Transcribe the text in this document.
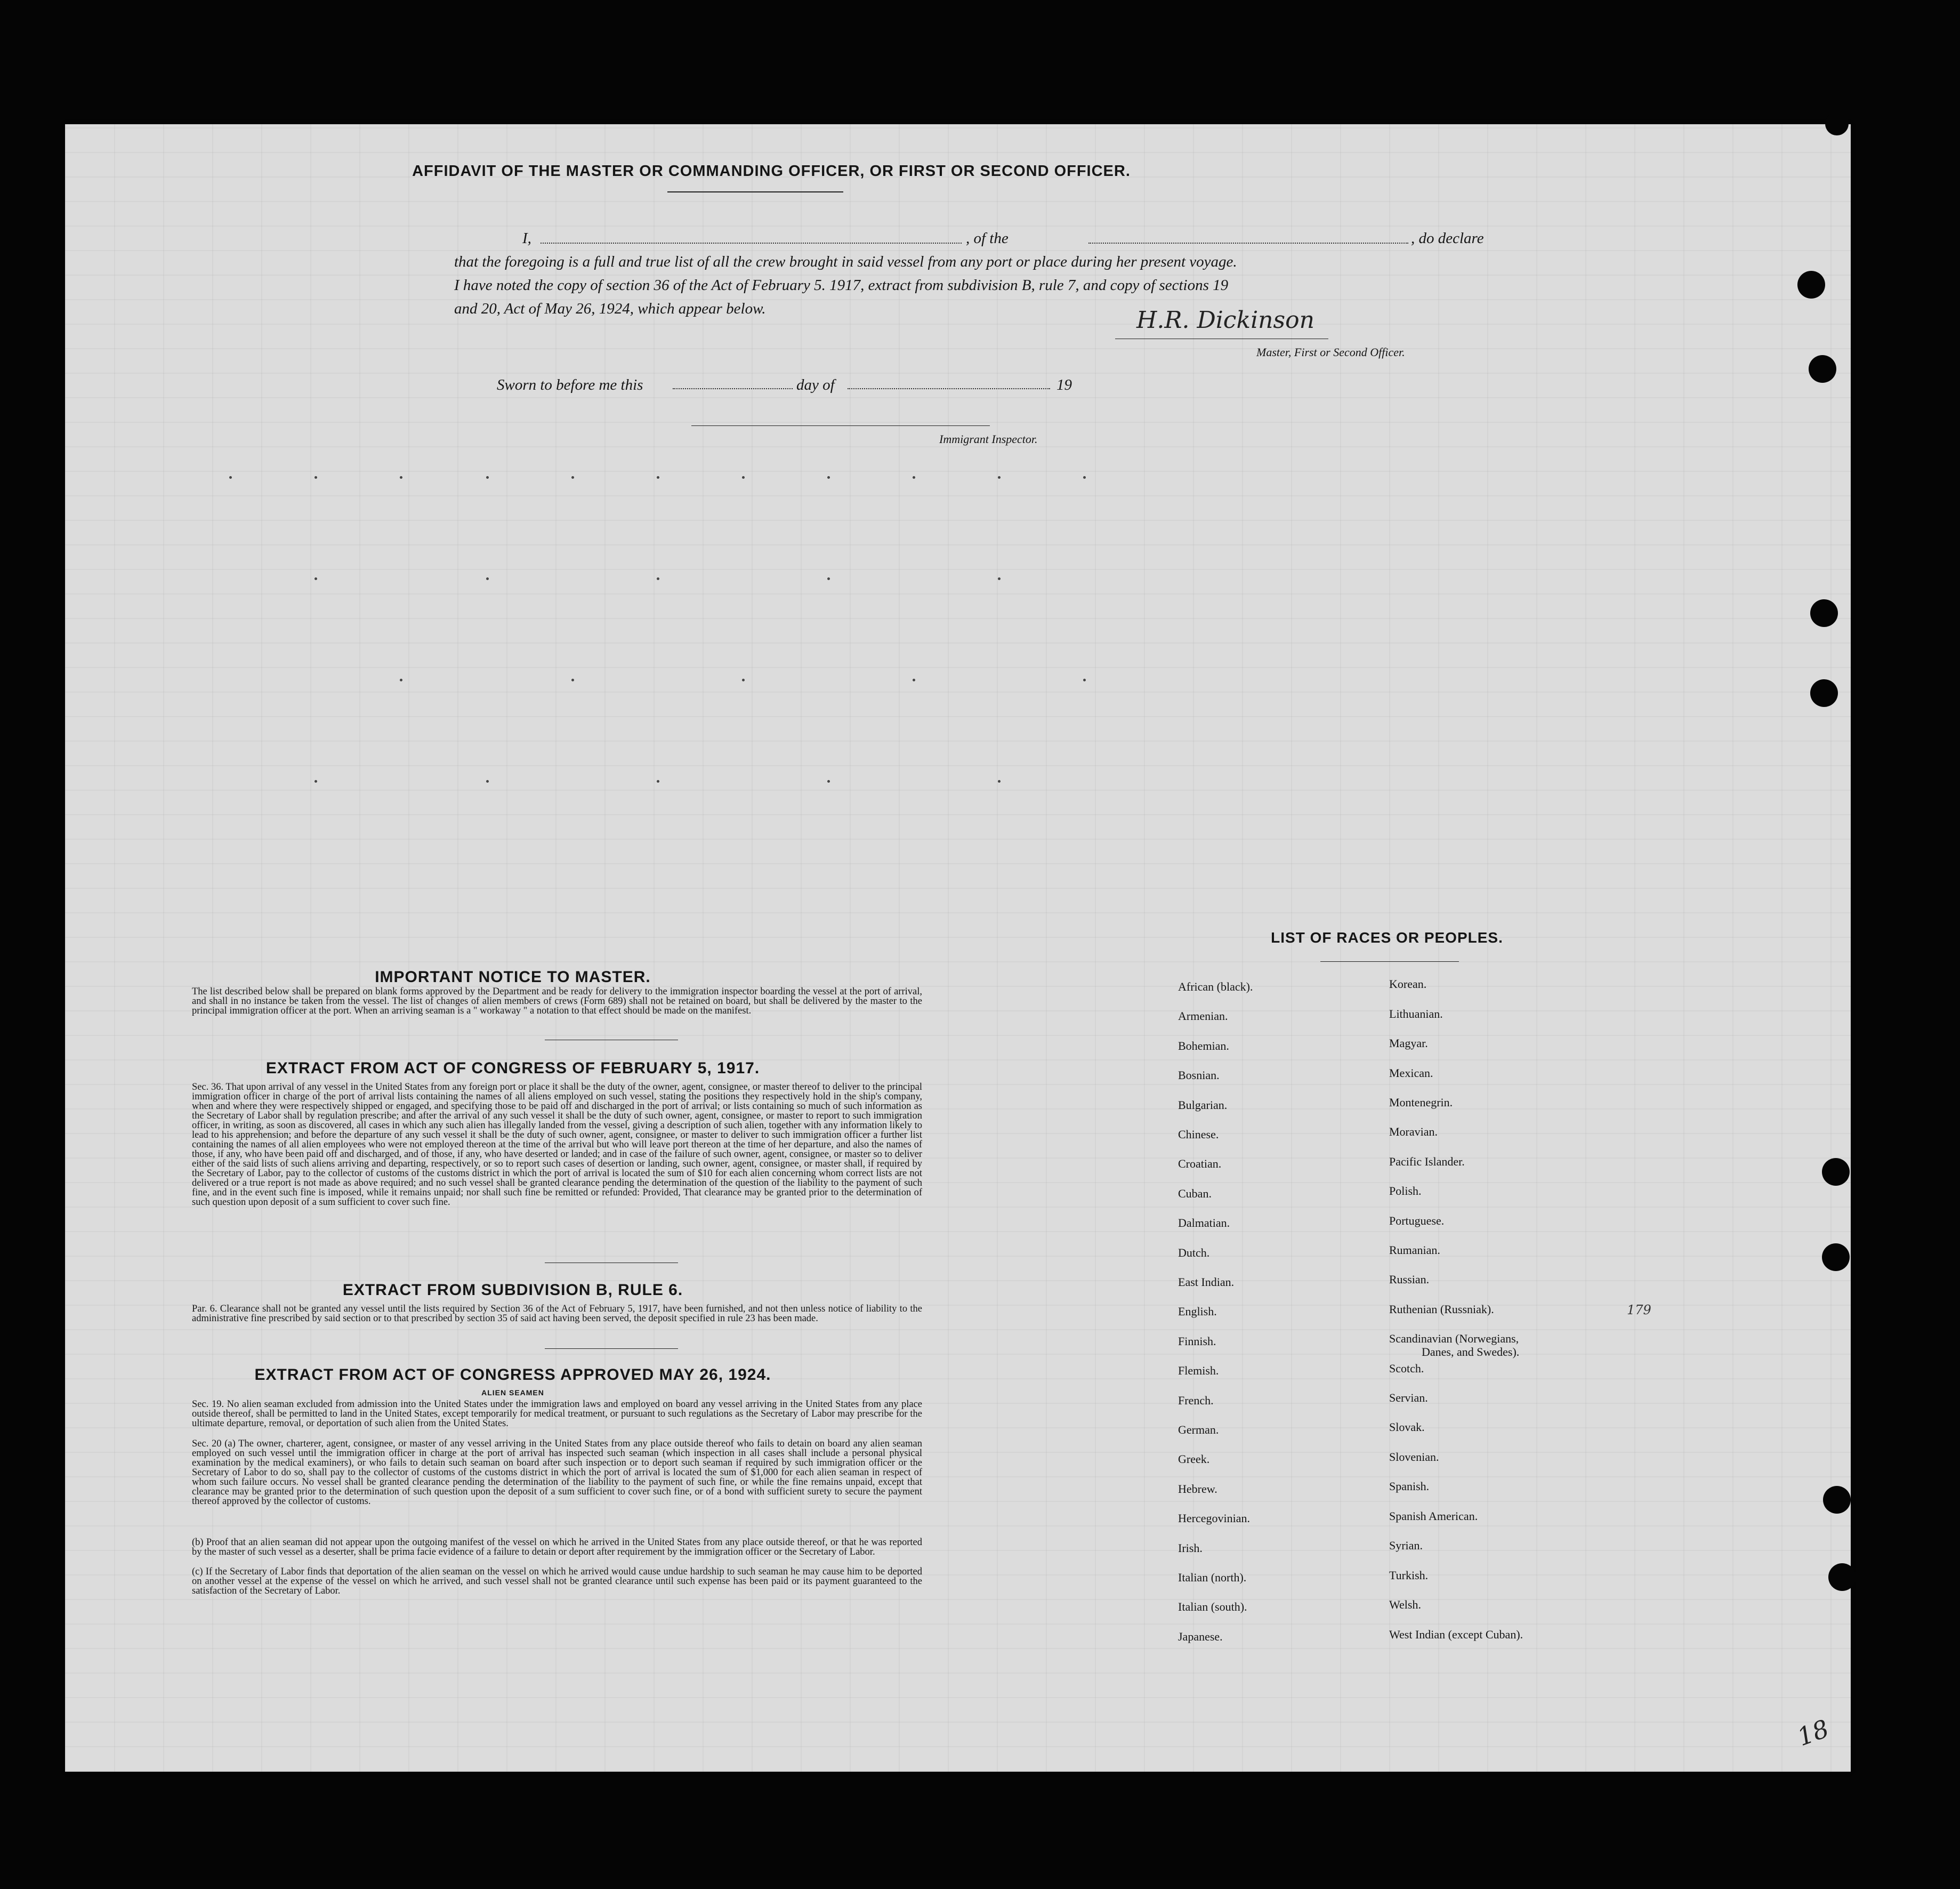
AFFIDAVIT OF THE MASTER OR COMMANDING OFFICER, OR FIRST OR SECOND OFFICER.
I,	, of the	, do declare
that the foregoing is a full and true list of all the crew brought in said vessel from any port or place during her present voyage.
I have noted the copy of section 36 of the Act of February 5. 1917, extract from subdivision B, rule 7, and copy of sections 19
and 20, Act of May 26, 1924, which appear below.	H.R. Dickinson
Master, First or Second Officer.
Sworn to before me this	day of	19
Immigrant Inspector.
IMPORTANT NOTICE TO MASTER.
The list described below shall be prepared on blank forms approved by the Department and be ready for delivery to the immigration inspector boarding the vessel at the port of arrival, and shall in no instance be taken from the vessel. The list of changes of alien members of crews (Form 689) shall not be retained on board, but shall be delivered by the master to the principal immigration officer at the port. When an arriving seaman is a " workaway " a notation to that effect should be made on the manifest.
EXTRACT FROM ACT OF CONGRESS OF FEBRUARY 5, 1917.
Sec. 36. That upon arrival of any vessel in the United States from any foreign port or place it shall be the duty of the owner, agent, consignee, or master thereof to deliver to the principal immigration officer in charge of the port of arrival lists containing the names of all aliens employed on such vessel, stating the positions they respectively hold in the ship's company, when and where they were respectively shipped or engaged, and specifying those to be paid off and discharged in the port of arrival; or lists containing so much of such information as the Secretary of Labor shall by regulation prescribe; and after the arrival of any such vessel it shall be the duty of such owner, agent, consignee, or master to report to such immigration officer, in writing, as soon as discovered, all cases in which any such alien has illegally landed from the vessel, giving a description of such alien, together with any information likely to lead to his apprehension; and before the departure of any such vessel it shall be the duty of such owner, agent, consignee, or master to deliver to such immigration officer a further list containing the names of all alien employees who were not employed thereon at the time of the arrival but who will leave port thereon at the time of her departure, and also the names of those, if any, who have been paid off and discharged, and of those, if any, who have deserted or landed; and in case of the failure of such owner, agent, consignee, or master so to deliver either of the said lists of such aliens arriving and departing, respectively, or so to report such cases of desertion or landing, such owner, agent, consignee, or master shall, if required by the Secretary of Labor, pay to the collector of customs of the customs district in which the port of arrival is located the sum of $10 for each alien concerning whom correct lists are not delivered or a true report is not made as above required; and no such vessel shall be granted clearance pending the determination of the question of the liability to the payment of such fine, and in the event such fine is imposed, while it remains unpaid; nor shall such fine be remitted or refunded: Provided, That clearance may be granted prior to the determination of such question upon deposit of a sum sufficient to cover such fine.
EXTRACT FROM SUBDIVISION B, RULE 6.
Par. 6. Clearance shall not be granted any vessel until the lists required by Section 36 of the Act of February 5, 1917, have been furnished, and not then unless notice of liability to the administrative fine prescribed by said section or to that prescribed by section 35 of said act having been served, the deposit specified in rule 23 has been made.
EXTRACT FROM ACT OF CONGRESS APPROVED MAY 26, 1924.
ALIEN SEAMEN
Sec. 19. No alien seaman excluded from admission into the United States under the immigration laws and employed on board any vessel arriving in the United States from any place outside thereof, shall be permitted to land in the United States, except temporarily for medical treatment, or pursuant to such regulations as the Secretary of Labor may prescribe for the ultimate departure, removal, or deportation of such alien from the United States.
Sec. 20 (a) The owner, charterer, agent, consignee, or master of any vessel arriving in the United States from any place outside thereof who fails to detain on board any alien seaman employed on such vessel until the immigration officer in charge at the port of arrival has inspected such seaman (which inspection in all cases shall include a personal physical examination by the medical examiners), or who fails to detain such seaman on board after such inspection or to deport such seaman if required by such immigration officer or the Secretary of Labor to do so, shall pay to the collector of customs of the customs district in which the port of arrival is located the sum of $1,000 for each alien seaman in respect of whom such failure occurs. No vessel shall be granted clearance pending the determination of the liability to the payment of such fine, or while the fine remains unpaid, except that clearance may be granted prior to the determination of such question upon the deposit of a sum sufficient to cover such fine, or of a bond with sufficient surety to secure the payment thereof approved by the collector of customs.
(b) Proof that an alien seaman did not appear upon the outgoing manifest of the vessel on which he arrived in the United States from any place outside thereof, or that he was reported by the master of such vessel as a deserter, shall be prima facie evidence of a failure to detain or deport after requirement by the immigration officer or the Secretary of Labor.
(c) If the Secretary of Labor finds that deportation of the alien seaman on the vessel on which he arrived would cause undue hardship to such seaman he may cause him to be deported on another vessel at the expense of the vessel on which he arrived, and such vessel shall not be granted clearance until such expense has been paid or its payment guaranteed to the satisfaction of the Secretary of Labor.
LIST OF RACES OR PEOPLES.
African (black).
Armenian.
Bohemian.
Bosnian.
Bulgarian.
Chinese.
Croatian.
Cuban.
Dalmatian.
Dutch.
East Indian.
English.
Finnish.
Flemish.
French.
German.
Greek.
Hebrew.
Hercegovinian.
Irish.
Italian (north).
Italian (south).
Japanese.
Korean.
Lithuanian.
Magyar.
Mexican.
Montenegrin.
Moravian.
Pacific Islander.
Polish.
Portuguese.
Rumanian.
Russian.
Ruthenian (Russniak).
Scandinavian (Norwegians,
Danes, and Swedes).
Scotch.
Servian.
Slovak.
Slovenian.
Spanish.
Spanish American.
Syrian.
Turkish.
Welsh.
West Indian (except Cuban).
179
18
